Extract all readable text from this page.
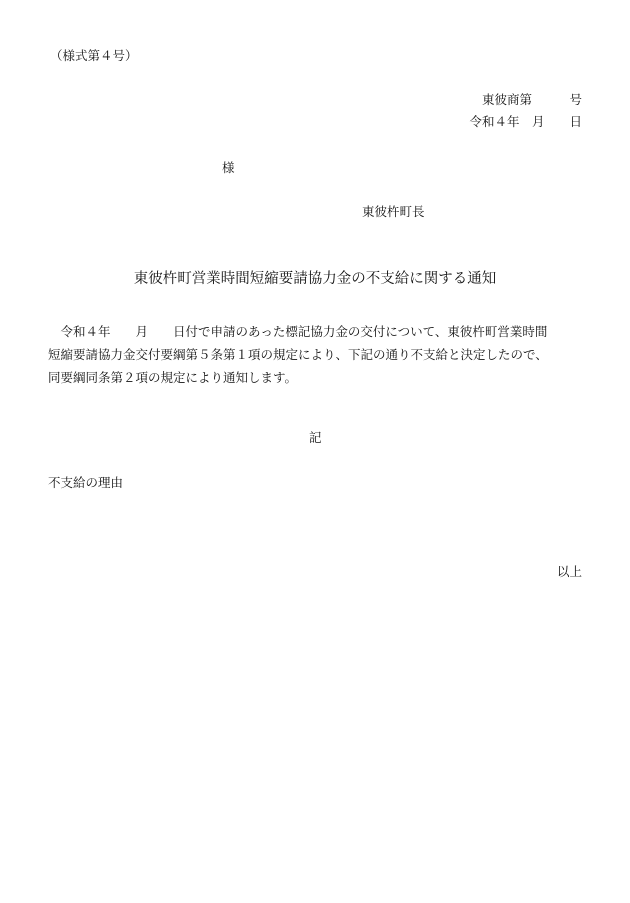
（様式第４号）
東彼商第　　　号
令和４年　月　　日
様
東彼杵町長
東彼杵町営業時間短縮要請協力金の不支給に関する通知
　令和４年　　月　　日付で申請のあった標記協力金の交付について、東彼杵町営業時間
短縮要請協力金交付要綱第５条第１項の規定により、下記の通り不支給と決定したので、
同要綱同条第２項の規定により通知します。
記
不支給の理由
以上
